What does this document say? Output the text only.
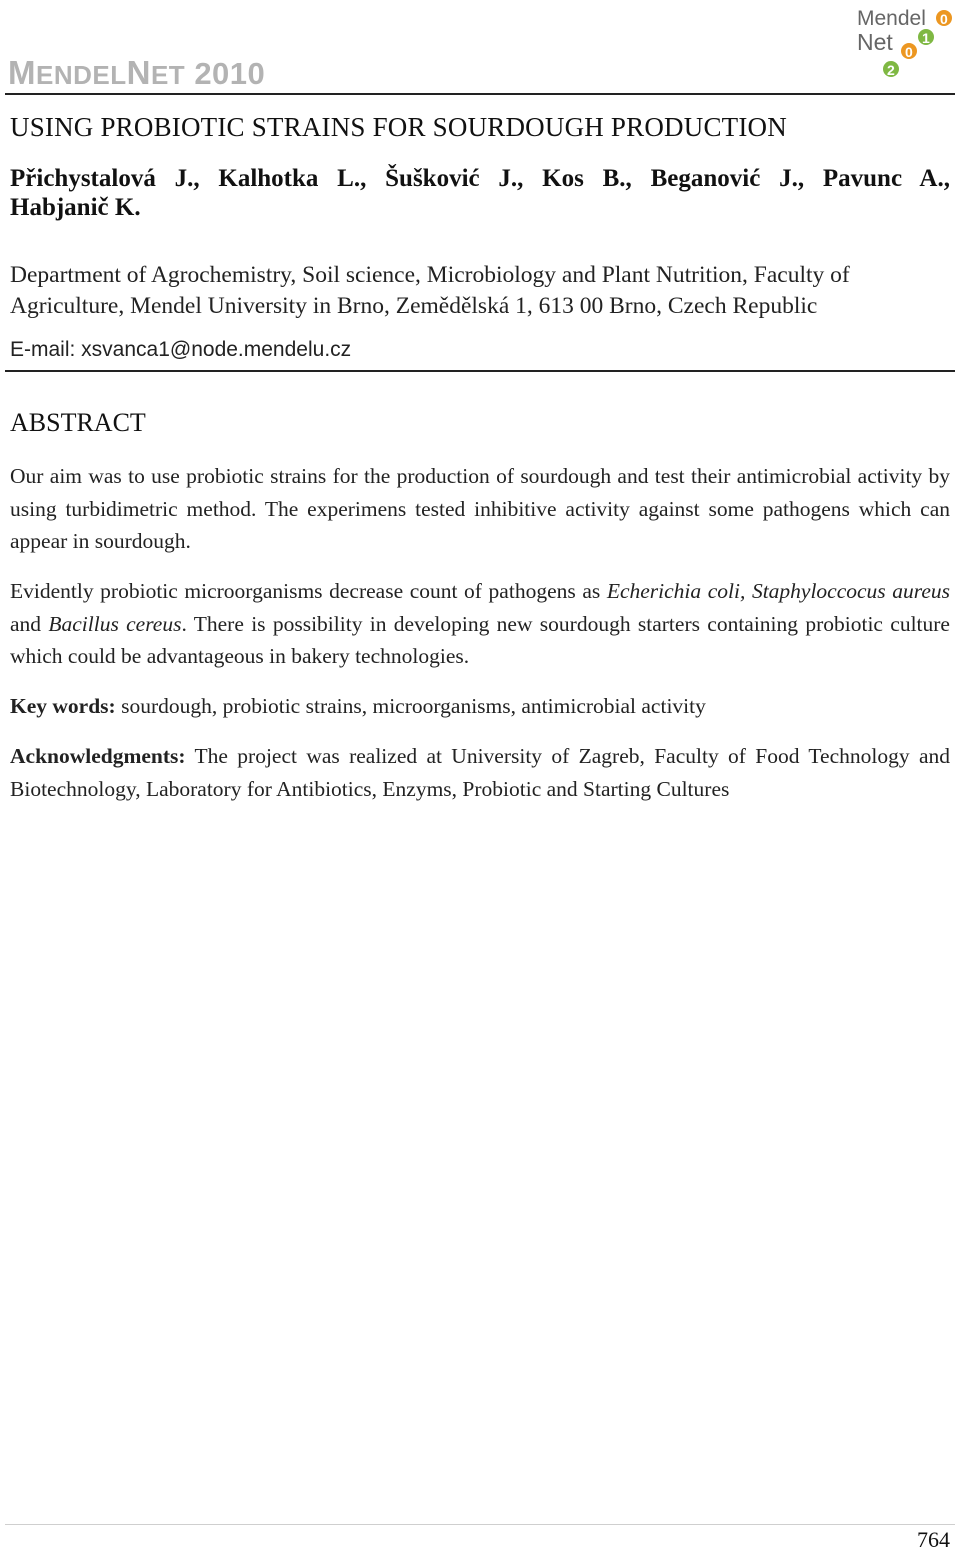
MENDELNET 2010
Mendel
Net
0
1
0
2
USING PROBIOTIC STRAINS FOR SOURDOUGH PRODUCTION
Přichystalová J., Kalhotka L., Šušković J., Kos B., Beganović J., Pavunc A.,
Habjanič K.
Department of Agrochemistry, Soil science, Microbiology and Plant Nutrition, Faculty of Agriculture, Mendel University in Brno, Zemědělská 1, 613 00 Brno, Czech Republic
E-mail: xsvanca1@node.mendelu.cz
ABSTRACT
Our aim was to use probiotic strains for the production of sourdough and test their antimicrobial activity by using turbidimetric method. The experimens tested inhibitive activity against some pathogens which can appear in sourdough.
Evidently probiotic microorganisms decrease count of pathogens as Echerichia coli, Staphyloccocus aureus and Bacillus cereus. There is possibility in developing new sourdough starters containing probiotic culture which could be advantageous in bakery technologies.
Key words: sourdough, probiotic strains, microorganisms, antimicrobial activity
Acknowledgments: The project was realized at University of Zagreb, Faculty of Food Technology and Biotechnology, Laboratory for Antibiotics, Enzyms, Probiotic and Starting Cultures
764
